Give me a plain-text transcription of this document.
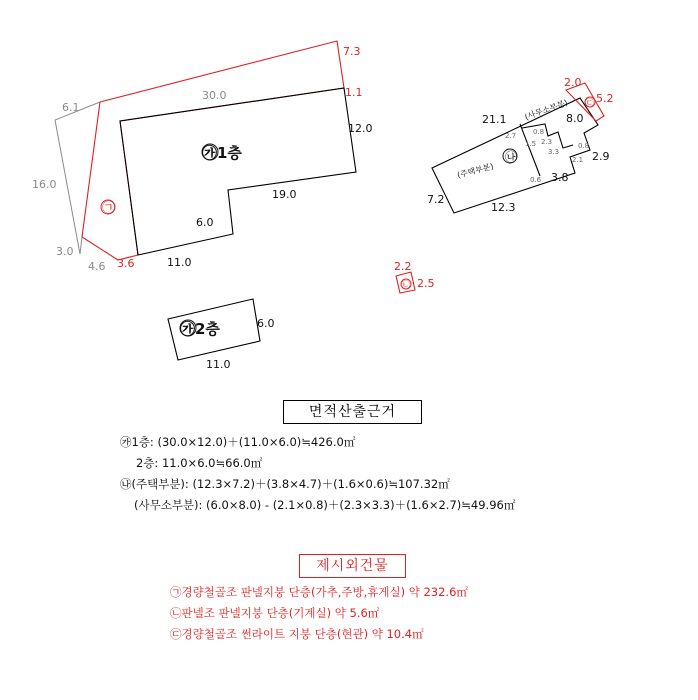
㉮1층
㉮2층
(주택부분)
(사무소부분)
7.3
30.0
6.1
1.1
12.0
16.0
19.0
6.0
3.0
4.6 3.6	11.0
6.0
11.0
㉠
2.0
5.2
㉢
21.1	8.0
2.9
7.2
12.3
3.8
2.1
2.7 0.8
1.5 2.3
3.3
0.8
0.6
㉯
2.2
2.5
㉡
면적산출근거
㉮1층: (30.0×12.0)＋(11.0×6.0)≒426.0㎡
2층: 11.0×6.0≒66.0㎡
㉯(주택부분): (12.3×7.2)＋(3.8×4.7)＋(1.6×0.6)≒107.32㎡
(사무소부분): (6.0×8.0) - (2.1×0.8)＋(2.3×3.3)＋(1.6×2.7)≒49.96㎡
제시외건물
㉠경량철골조 판넬지붕 단층(가추,주방,휴게실) 약 232.6㎡
㉡판넬조 판넬지붕 단층(기계실) 약 5.6㎡
㉢경량철골조 썬라이트 지붕 단층(현관) 약 10.4㎡
